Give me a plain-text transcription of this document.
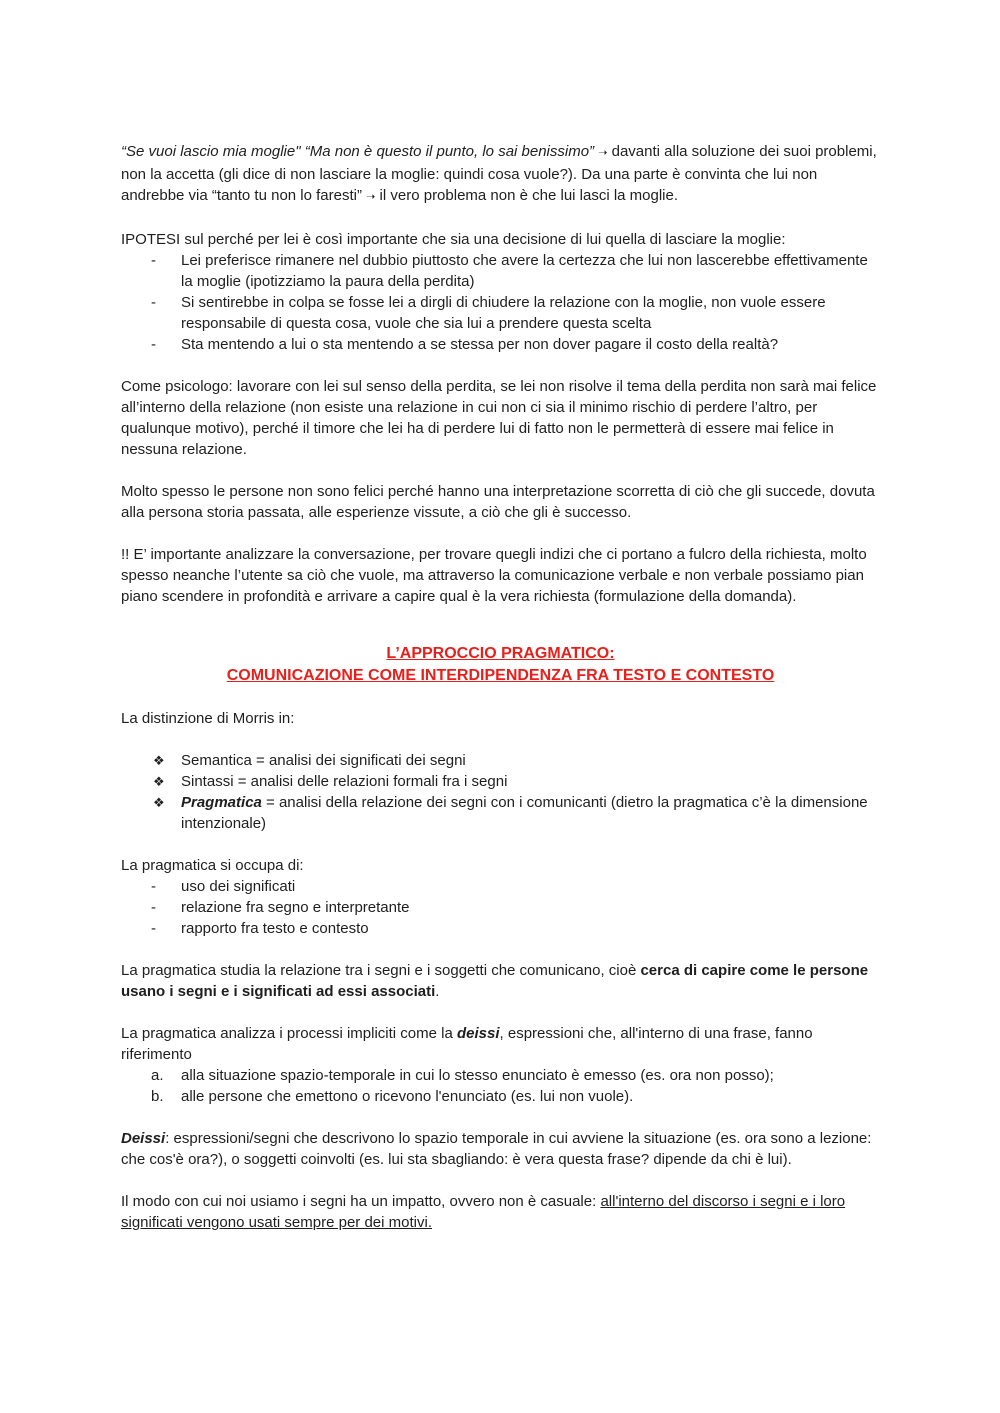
“Se vuoi lascio mia moglie" “Ma non è questo il punto, lo sai benissimo” ➝ davanti alla soluzione dei suoi problemi, non la accetta (gli dice di non lasciare la moglie: quindi cosa vuole?). Da una parte è convinta che lui non andrebbe via “tanto tu non lo faresti” ➝ il vero problema non è che lui lasci la moglie.

IPOTESI sul perché per lei è così importante che sia una decisione di lui quella di lasciare la moglie:

-	Lei preferisce rimanere nel dubbio piuttosto che avere la certezza che lui non lascerebbe effettivamente la moglie (ipotizziamo la paura della perdita)
-	Si sentirebbe in colpa se fosse lei a dirgli di chiudere la relazione con la moglie, non vuole essere responsabile di questa cosa, vuole che sia lui a prendere questa scelta
-	Sta mentendo a lui o sta mentendo a se stessa per non dover pagare il costo della realtà?

Come psicologo: lavorare con lei sul senso della perdita, se lei non risolve il tema della perdita non sarà mai felice all’interno della relazione (non esiste una relazione in cui non ci sia il minimo rischio di perdere l’altro, per qualunque motivo), perché il timore che lei ha di perdere lui di fatto non le permetterà di essere mai felice in nessuna relazione.

Molto spesso le persone non sono felici perché hanno una interpretazione scorretta di ciò che gli succede, dovuta alla persona storia passata, alle esperienze vissute, a ciò che gli è successo.

!! E’ importante analizzare la conversazione, per trovare quegli indizi che ci portano a fulcro della richiesta, molto spesso neanche l’utente sa ciò che vuole, ma attraverso la comunicazione verbale e non verbale possiamo pian piano scendere in profondità e arrivare a capire qual è la vera richiesta (formulazione della domanda).

L’APPROCCIO PRAGMATICO:
COMUNICAZIONE COME INTERDIPENDENZA FRA TESTO E CONTESTO

La distinzione di Morris in:

❖	Semantica = analisi dei significati dei segni
❖	Sintassi = analisi delle relazioni formali fra i segni
❖	Pragmatica = analisi della relazione dei segni con i comunicanti (dietro la pragmatica c’è la dimensione intenzionale)

La pragmatica si occupa di:

-	uso dei significati
-	relazione fra segno e interpretante
-	rapporto fra testo e contesto

La pragmatica studia la relazione tra i segni e i soggetti che comunicano, cioè cerca di capire come le persone usano i segni e i significati ad essi associati.

La pragmatica analizza i processi impliciti come la deissi, espressioni che, all'interno di una frase, fanno riferimento

a.	alla situazione spazio-temporale in cui lo stesso enunciato è emesso (es. ora non posso);
b.	alle persone che emettono o ricevono l'enunciato (es. lui non vuole).

Deissi: espressioni/segni che descrivono lo spazio temporale in cui avviene la situazione (es. ora sono a lezione: che cos'è ora?), o soggetti coinvolti (es. lui sta sbagliando: è vera questa frase? dipende da chi è lui).

Il modo con cui noi usiamo i segni ha un impatto, ovvero non è casuale: all'interno del discorso i segni e i loro significati vengono usati sempre per dei motivi.
